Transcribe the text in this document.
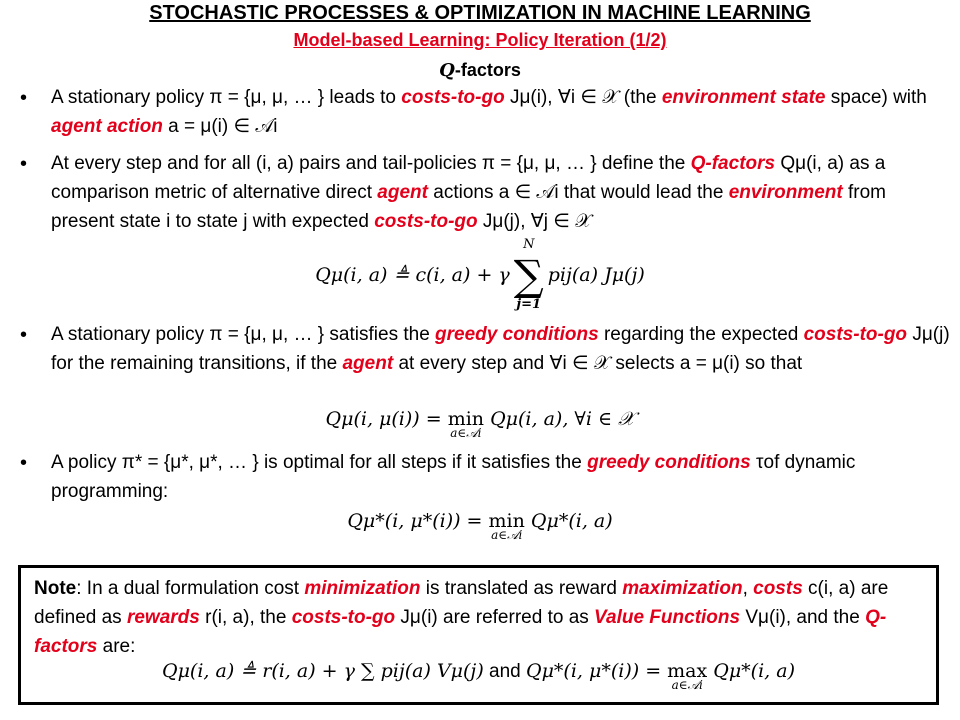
STOCHASTIC PROCESSES & OPTIMIZATION IN MACHINE LEARNING
Model-based Learning: Policy Iteration (1/2)
Q-factors
• A stationary policy π = {μ, μ, … } leads to costs-to-go Jμ(i), ∀i ∈ 𝒳 (the environment state space) with agent action a = μ(i) ∈ 𝒜i
• At every step and for all (i, a) pairs and tail-policies π = {μ, μ, … } define the Q-factors Qμ(i, a) as a comparison metric of alternative direct agent actions a ∈ 𝒜i that would lead the environment from present state i to state j with expected costs-to-go Jμ(j), ∀j ∈ 𝒳
Qμ(i, a) ≜ c(i, a) + γ∑
N
j=1
pij(a) Jμ(j)
• A stationary policy π = {μ, μ, … } satisfies the greedy conditions regarding the expected costs-to-go Jμ(j) for the remaining transitions, if the agent at every step and ∀i ∈ 𝒳 selects a = μ(i) so that
Qμ(i, μ(i)) = min
a∈𝒜i
Qμ(i, a), ∀i ∈ 𝒳
• A policy π* = {μ*, μ*, … } is optimal for all steps if it satisfies the greedy conditions τof dynamic programming:
Qμ*(i, μ*(i)) = min
a∈𝒜i
Qμ*(i, a)
Note: In a dual formulation cost minimization is translated as reward maximization, costs c(i, a) are defined as rewards r(i, a), the costs-to-go Jμ(i) are referred to as Value Functions Vμ(i), and the Q-factors are:
Qμ(i, a) ≜ r(i, a) + γ ∑ pij(a) Vμ(j) and Qμ*(i, μ*(i)) = max
a∈𝒜i
Qμ*(i, a)
